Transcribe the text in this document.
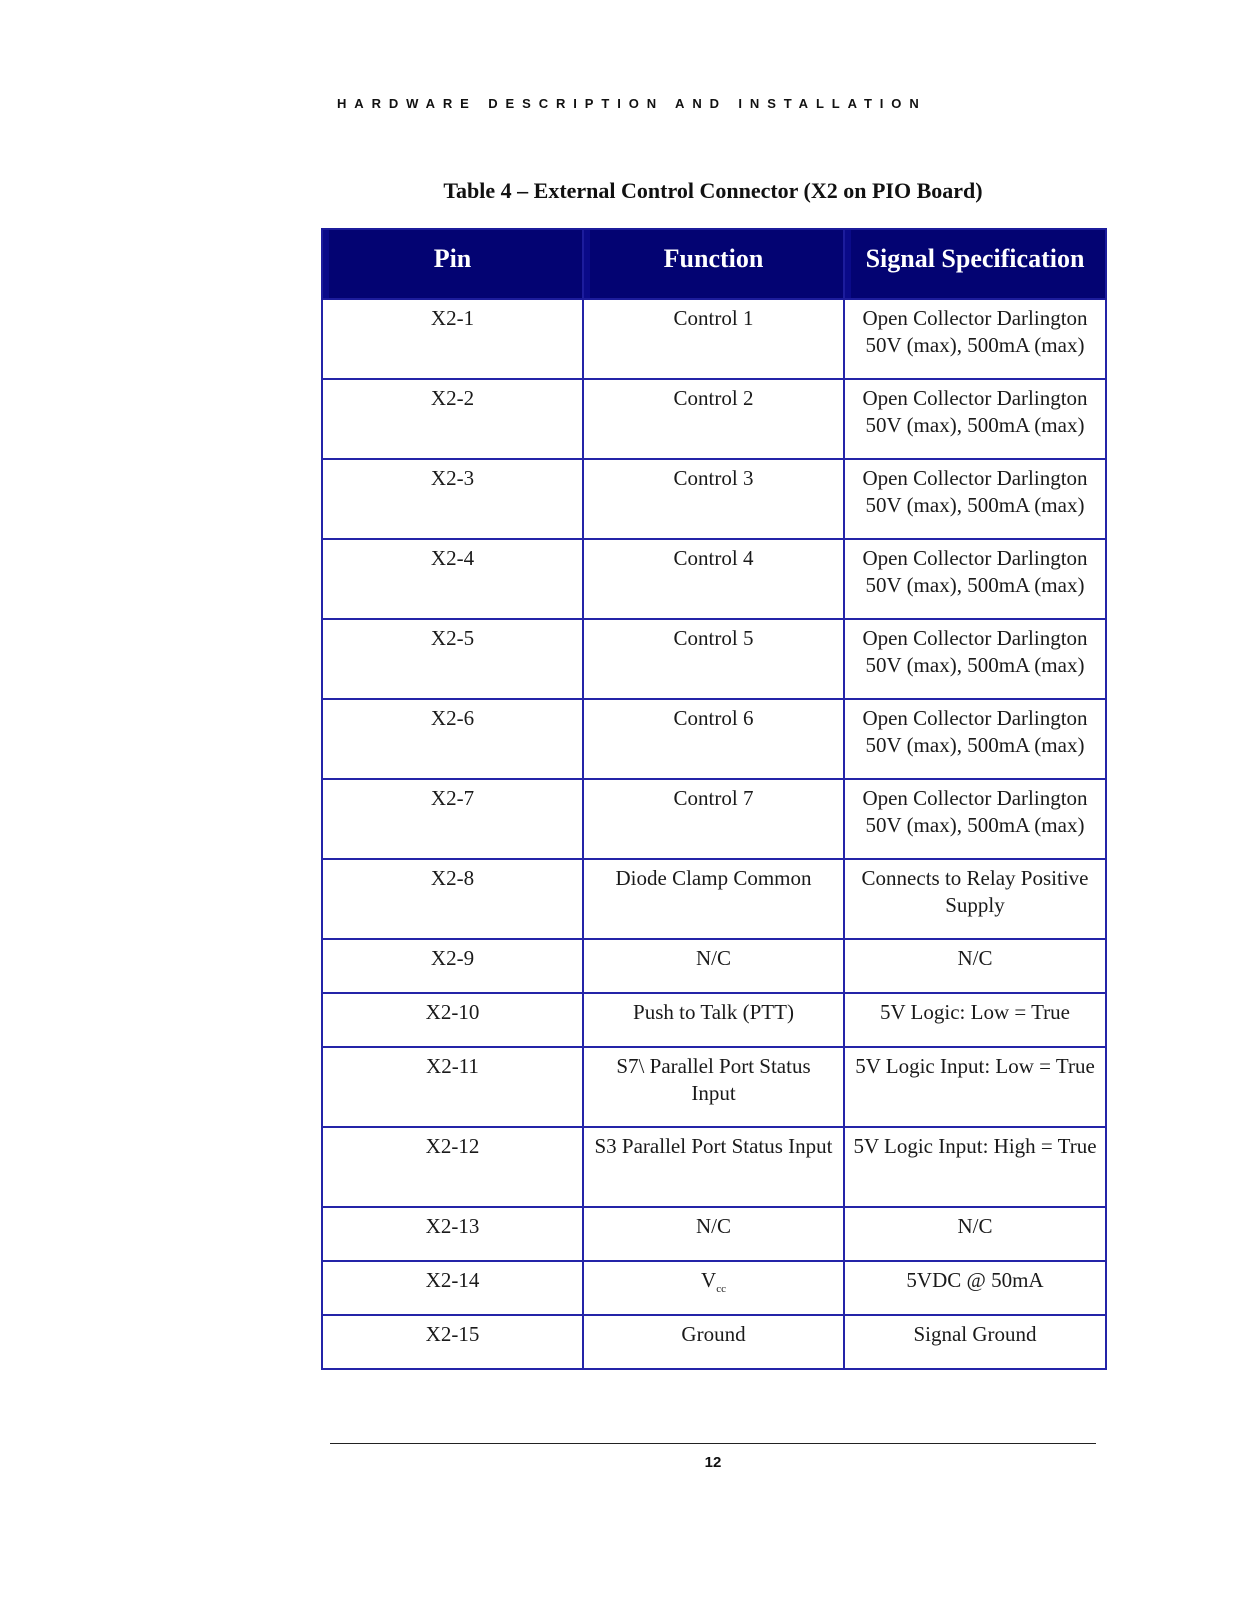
HARDWARE DESCRIPTION AND INSTALLATION
Table 4 – External Control Connector (X2 on PIO Board)
Pin	Function	Signal Specification
X2-1	Control 1	Open Collector Darlington 50V (max), 500mA (max)
X2-2	Control 2	Open Collector Darlington 50V (max), 500mA (max)
X2-3	Control 3	Open Collector Darlington 50V (max), 500mA (max)
X2-4	Control 4	Open Collector Darlington 50V (max), 500mA (max)
X2-5	Control 5	Open Collector Darlington 50V (max), 500mA (max)
X2-6	Control 6	Open Collector Darlington 50V (max), 500mA (max)
X2-7	Control 7	Open Collector Darlington 50V (max), 500mA (max)
X2-8	Diode Clamp Common	Connects to Relay Positive Supply
X2-9	N/C	N/C
X2-10	Push to Talk (PTT)	5V Logic: Low = True
X2-11	S7\ Parallel Port Status Input	5V Logic Input: Low = True
X2-12	S3 Parallel Port Status Input	5V Logic Input: High = True
X2-13	N/C	N/C
X2-14	$V_{cc}$	5VDC @ 50mA
X2-15	Ground	Signal Ground
12
